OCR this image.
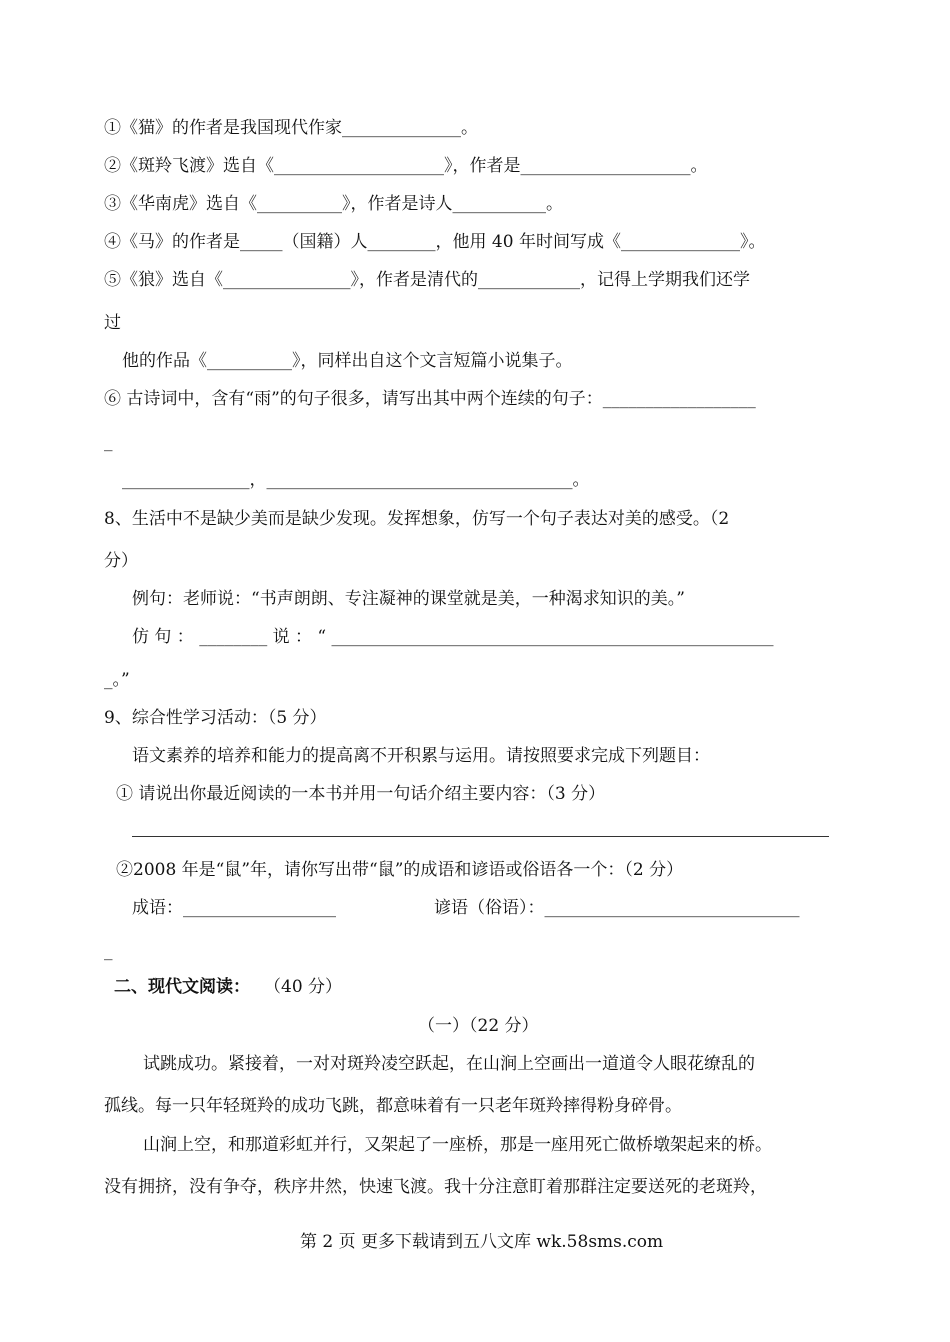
①《猫》的作者是我国现代作家______________。
②《斑羚飞渡》选自《____________________》，作者是____________________。
③《华南虎》选自《__________》，作者是诗人___________。
④《马》的作者是_____（国籍）人________，他用 40 年时间写成《______________》。
⑤《狼》选自《_______________》，作者是清代的____________，记得上学期我们还学
过
他的作品《__________》，同样出自这个文言短篇小说集子。
⑥ 古诗词中，含有“雨”的句子很多，请写出其中两个连续的句子：__________________
_
_______________，____________________________________。
8、生活中不是缺少美而是缺少发现。发挥想象，仿写一个句子表达对美的感受。（2
分）
例句：老师说：“书声朗朗、专注凝神的课堂就是美，一种渴求知识的美。”
仿 句 ： ________ 说 ： “ ____________________________________________________
_。”
9、综合性学习活动：（5 分）
语文素养的培养和能力的提高离不开积累与运用。请按照要求完成下列题目：
① 请说出你最近阅读的一本书并用一句话介绍主要内容：（3 分）
②2008 年是“鼠”年，请你写出带“鼠”的成语和谚语或俗语各一个：（2 分）
成语：__________________	谚语（俗语）：______________________________
_
二、现代文阅读： （40 分）
（一）（22 分）
试跳成功。紧接着，一对对斑羚凌空跃起，在山涧上空画出一道道令人眼花缭乱的
孤线。每一只年轻斑羚的成功飞跳，都意味着有一只老年斑羚摔得粉身碎骨。
山涧上空，和那道彩虹并行，又架起了一座桥，那是一座用死亡做桥墩架起来的桥。
没有拥挤，没有争夺，秩序井然，快速飞渡。我十分注意盯着那群注定要送死的老斑羚，
第 2 页 更多下载请到五八文库 wk.58sms.com
